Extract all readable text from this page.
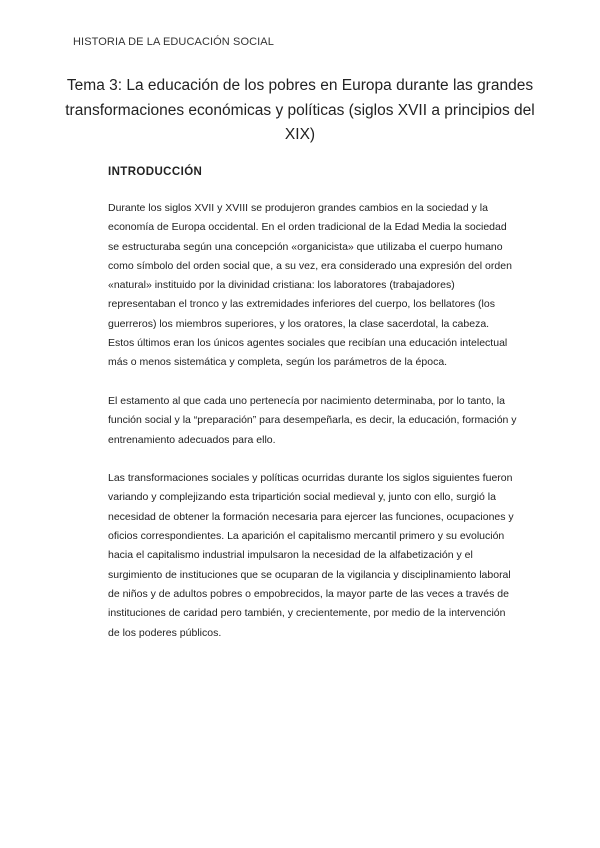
HISTORIA DE LA EDUCACIÓN SOCIAL
Tema 3: La educación de los pobres en Europa durante las grandes transformaciones económicas y políticas (siglos XVII a principios del XIX)
INTRODUCCIÓN

Durante los siglos XVII y XVIII se produjeron grandes cambios en la sociedad y la economía de Europa occidental. En el orden tradicional de la Edad Media la sociedad se estructuraba según una concepción «organicista» que utilizaba el cuerpo humano como símbolo del orden social que, a su vez, era considerado una expresión del orden «natural» instituido por la divinidad cristiana: los laboratores (trabajadores) representaban el tronco y las extremidades inferiores del cuerpo, los bellatores (los guerreros) los miembros superiores, y los oratores, la clase sacerdotal, la cabeza. Estos últimos eran los únicos agentes sociales que recibían una educación intelectual más o menos sistemática y completa, según los parámetros de la época.

El estamento al que cada uno pertenecía por nacimiento determinaba, por lo tanto, la función social y la “preparación” para desempeñarla, es decir, la educación, formación y entrenamiento adecuados para ello.

Las transformaciones sociales y políticas ocurridas durante los siglos siguientes fueron variando y complejizando esta tripartición social medieval y, junto con ello, surgió la necesidad de obtener la formación necesaria para ejercer las funciones, ocupaciones y oficios correspondientes. La aparición el capitalismo mercantil primero y su evolución hacia el capitalismo industrial impulsaron la necesidad de la alfabetización y el surgimiento de instituciones que se ocuparan de la vigilancia y disciplinamiento laboral de niños y de adultos pobres o empobrecidos, la mayor parte de las veces a través de instituciones de caridad pero también, y crecientemente, por medio de la intervención de los poderes públicos.
